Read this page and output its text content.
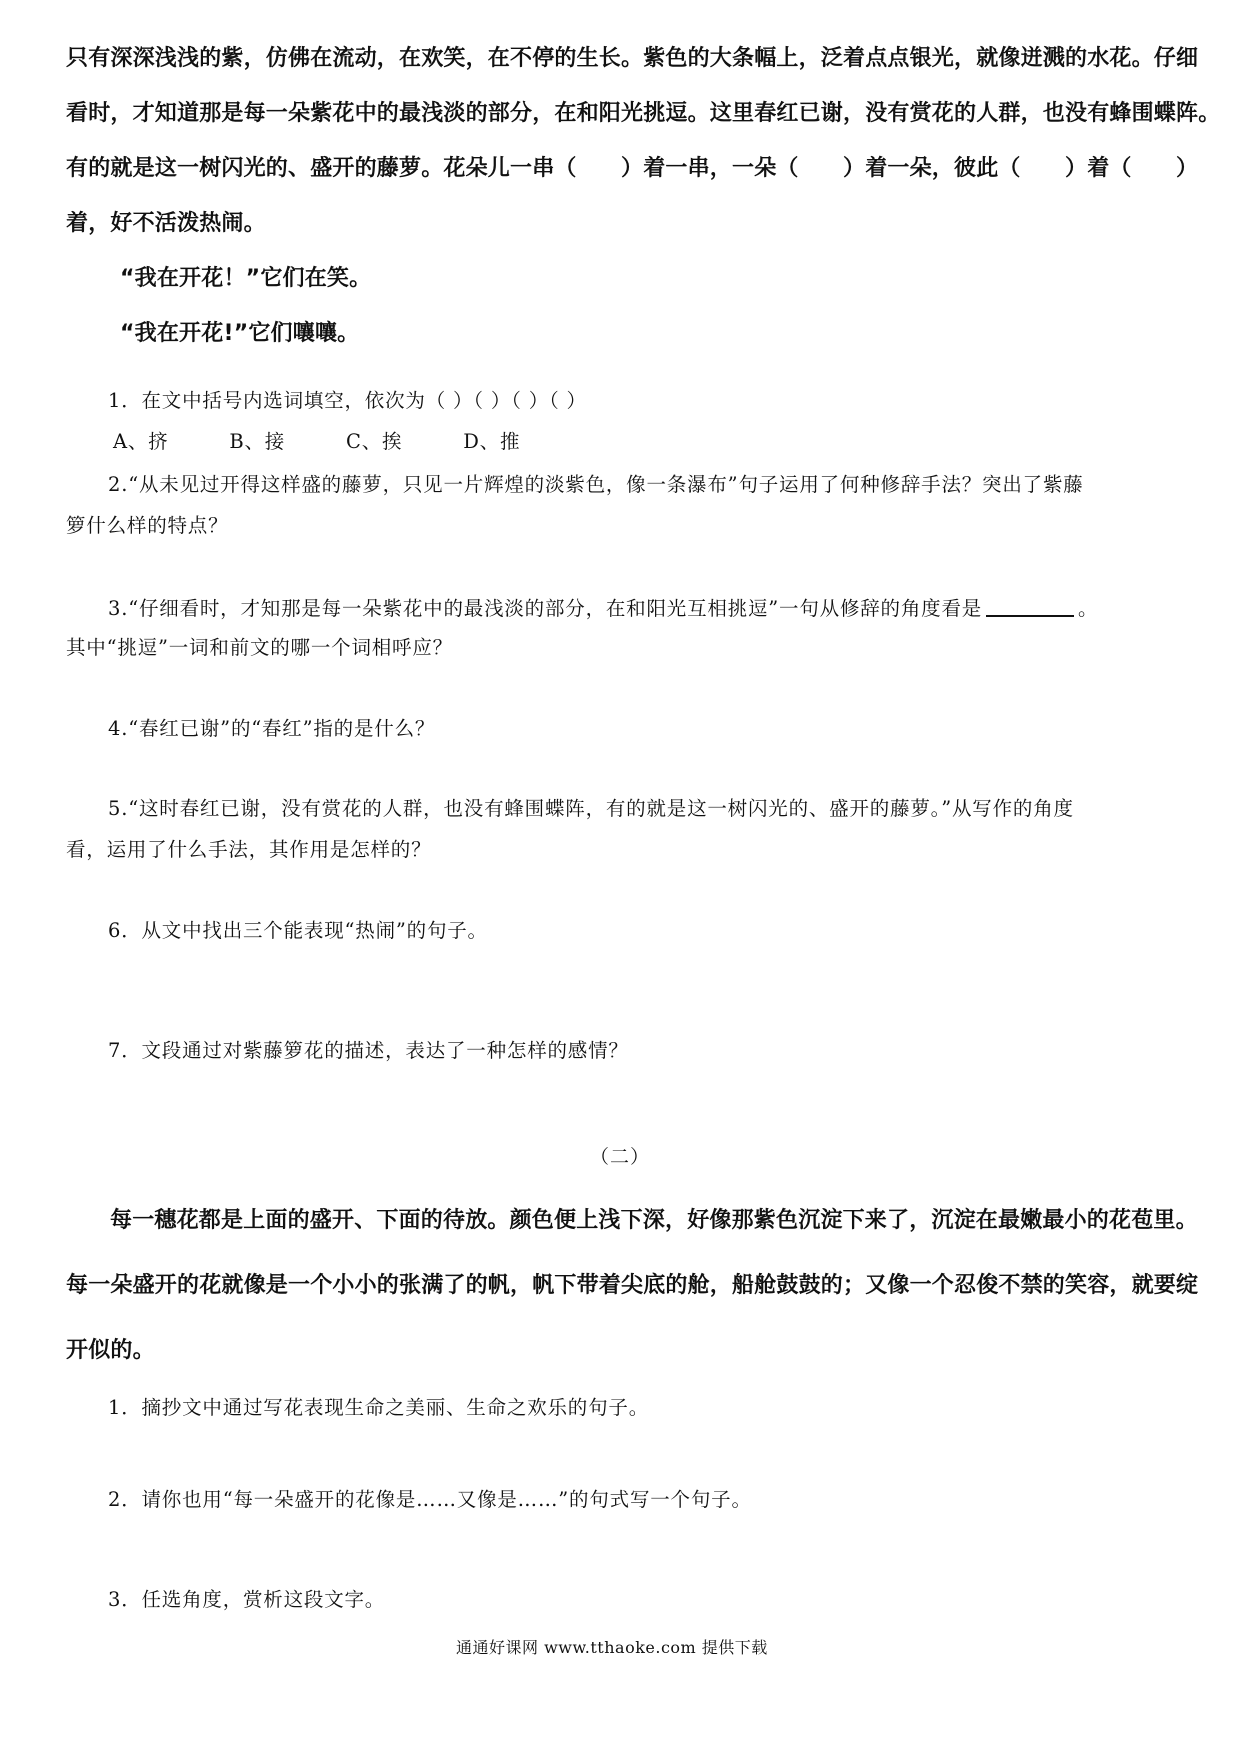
只有深深浅浅的紫，仿佛在流动，在欢笑，在不停的生长。紫色的大条幅上，泛着点点银光，就像迸溅的水花。仔细
看时，才知道那是每一朵紫花中的最浅淡的部分，在和阳光挑逗。这里春红已谢，没有赏花的人群，也没有蜂围蝶阵。
有的就是这一树闪光的、盛开的藤萝。花朵儿一串（　　）着一串，一朵（　　）着一朵，彼此（　　）着（　　）
着，好不活泼热闹。
“我在开花！”它们在笑。
“我在开花!”它们嚷嚷。
1．在文中括号内选词填空，依次为（ ）（ ）（ ）（ ）
A、挤　　　B、接　　　C、挨　　　D、推
2.“从未见过开得这样盛的藤萝，只见一片辉煌的淡紫色，像一条瀑布”句子运用了何种修辞手法？突出了紫藤
箩什么样的特点？
3.“仔细看时，才知那是每一朵紫花中的最浅淡的部分，在和阳光互相挑逗”一句从修辞的角度看是	。
其中“挑逗”一词和前文的哪一个词相呼应？
4.“春红已谢”的“春红”指的是什么？
5.“这时春红已谢，没有赏花的人群，也没有蜂围蝶阵，有的就是这一树闪光的、盛开的藤萝。”从写作的角度
看，运用了什么手法，其作用是怎样的？
6．从文中找出三个能表现“热闹”的句子。
7．文段通过对紫藤箩花的描述，表达了一种怎样的感情？
（二）
每一穗花都是上面的盛开、下面的待放。颜色便上浅下深，好像那紫色沉淀下来了，沉淀在最嫩最小的花苞里。
每一朵盛开的花就像是一个小小的张满了的帆，帆下带着尖底的舱，船舱鼓鼓的；又像一个忍俊不禁的笑容，就要绽
开似的。
1．摘抄文中通过写花表现生命之美丽、生命之欢乐的句子。
2．请你也用“每一朵盛开的花像是……又像是……”的句式写一个句子。
3．任选角度，赏析这段文字。
通通好课网 www.tthaoke.com 提供下载
